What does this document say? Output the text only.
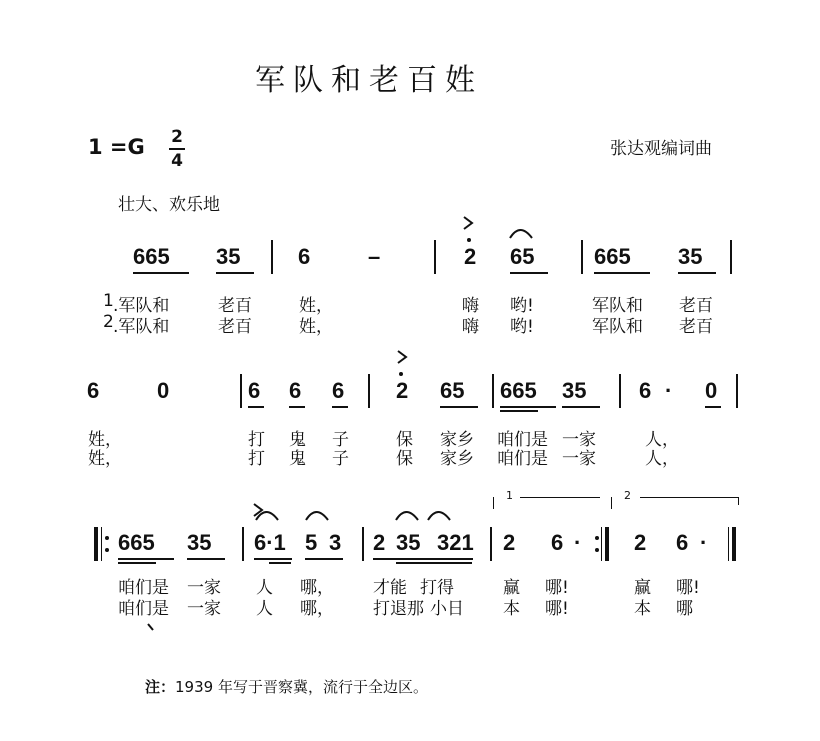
军队和老百姓
1 =G 2
4
张达观编词曲
壮大、欢乐地
665 35	6	–	2 65	665 35
1 .军队和	老百	姓，	嗨 哟!	军队和 老百
2 .军队和	老百	姓，	嗨 哟!	军队和 老百
6	0	6 6 6 2 65 665 35 6 · 0
姓，	打 鬼 子	保 家乡 咱们是 一家	人，
姓，	打 鬼 子	保 家乡 咱们是 一家	人，
665 35 6·1 5 3 2 35 321 2 6 · 2 6 ·
1	2
咱们是 一家 人 哪， 才能 打得	赢 哪!	赢 哪!
咱们是 一家 人 哪， 打退那 小日 本 哪!	本 哪
注：1939 年写于晋察冀，流行于全边区。
